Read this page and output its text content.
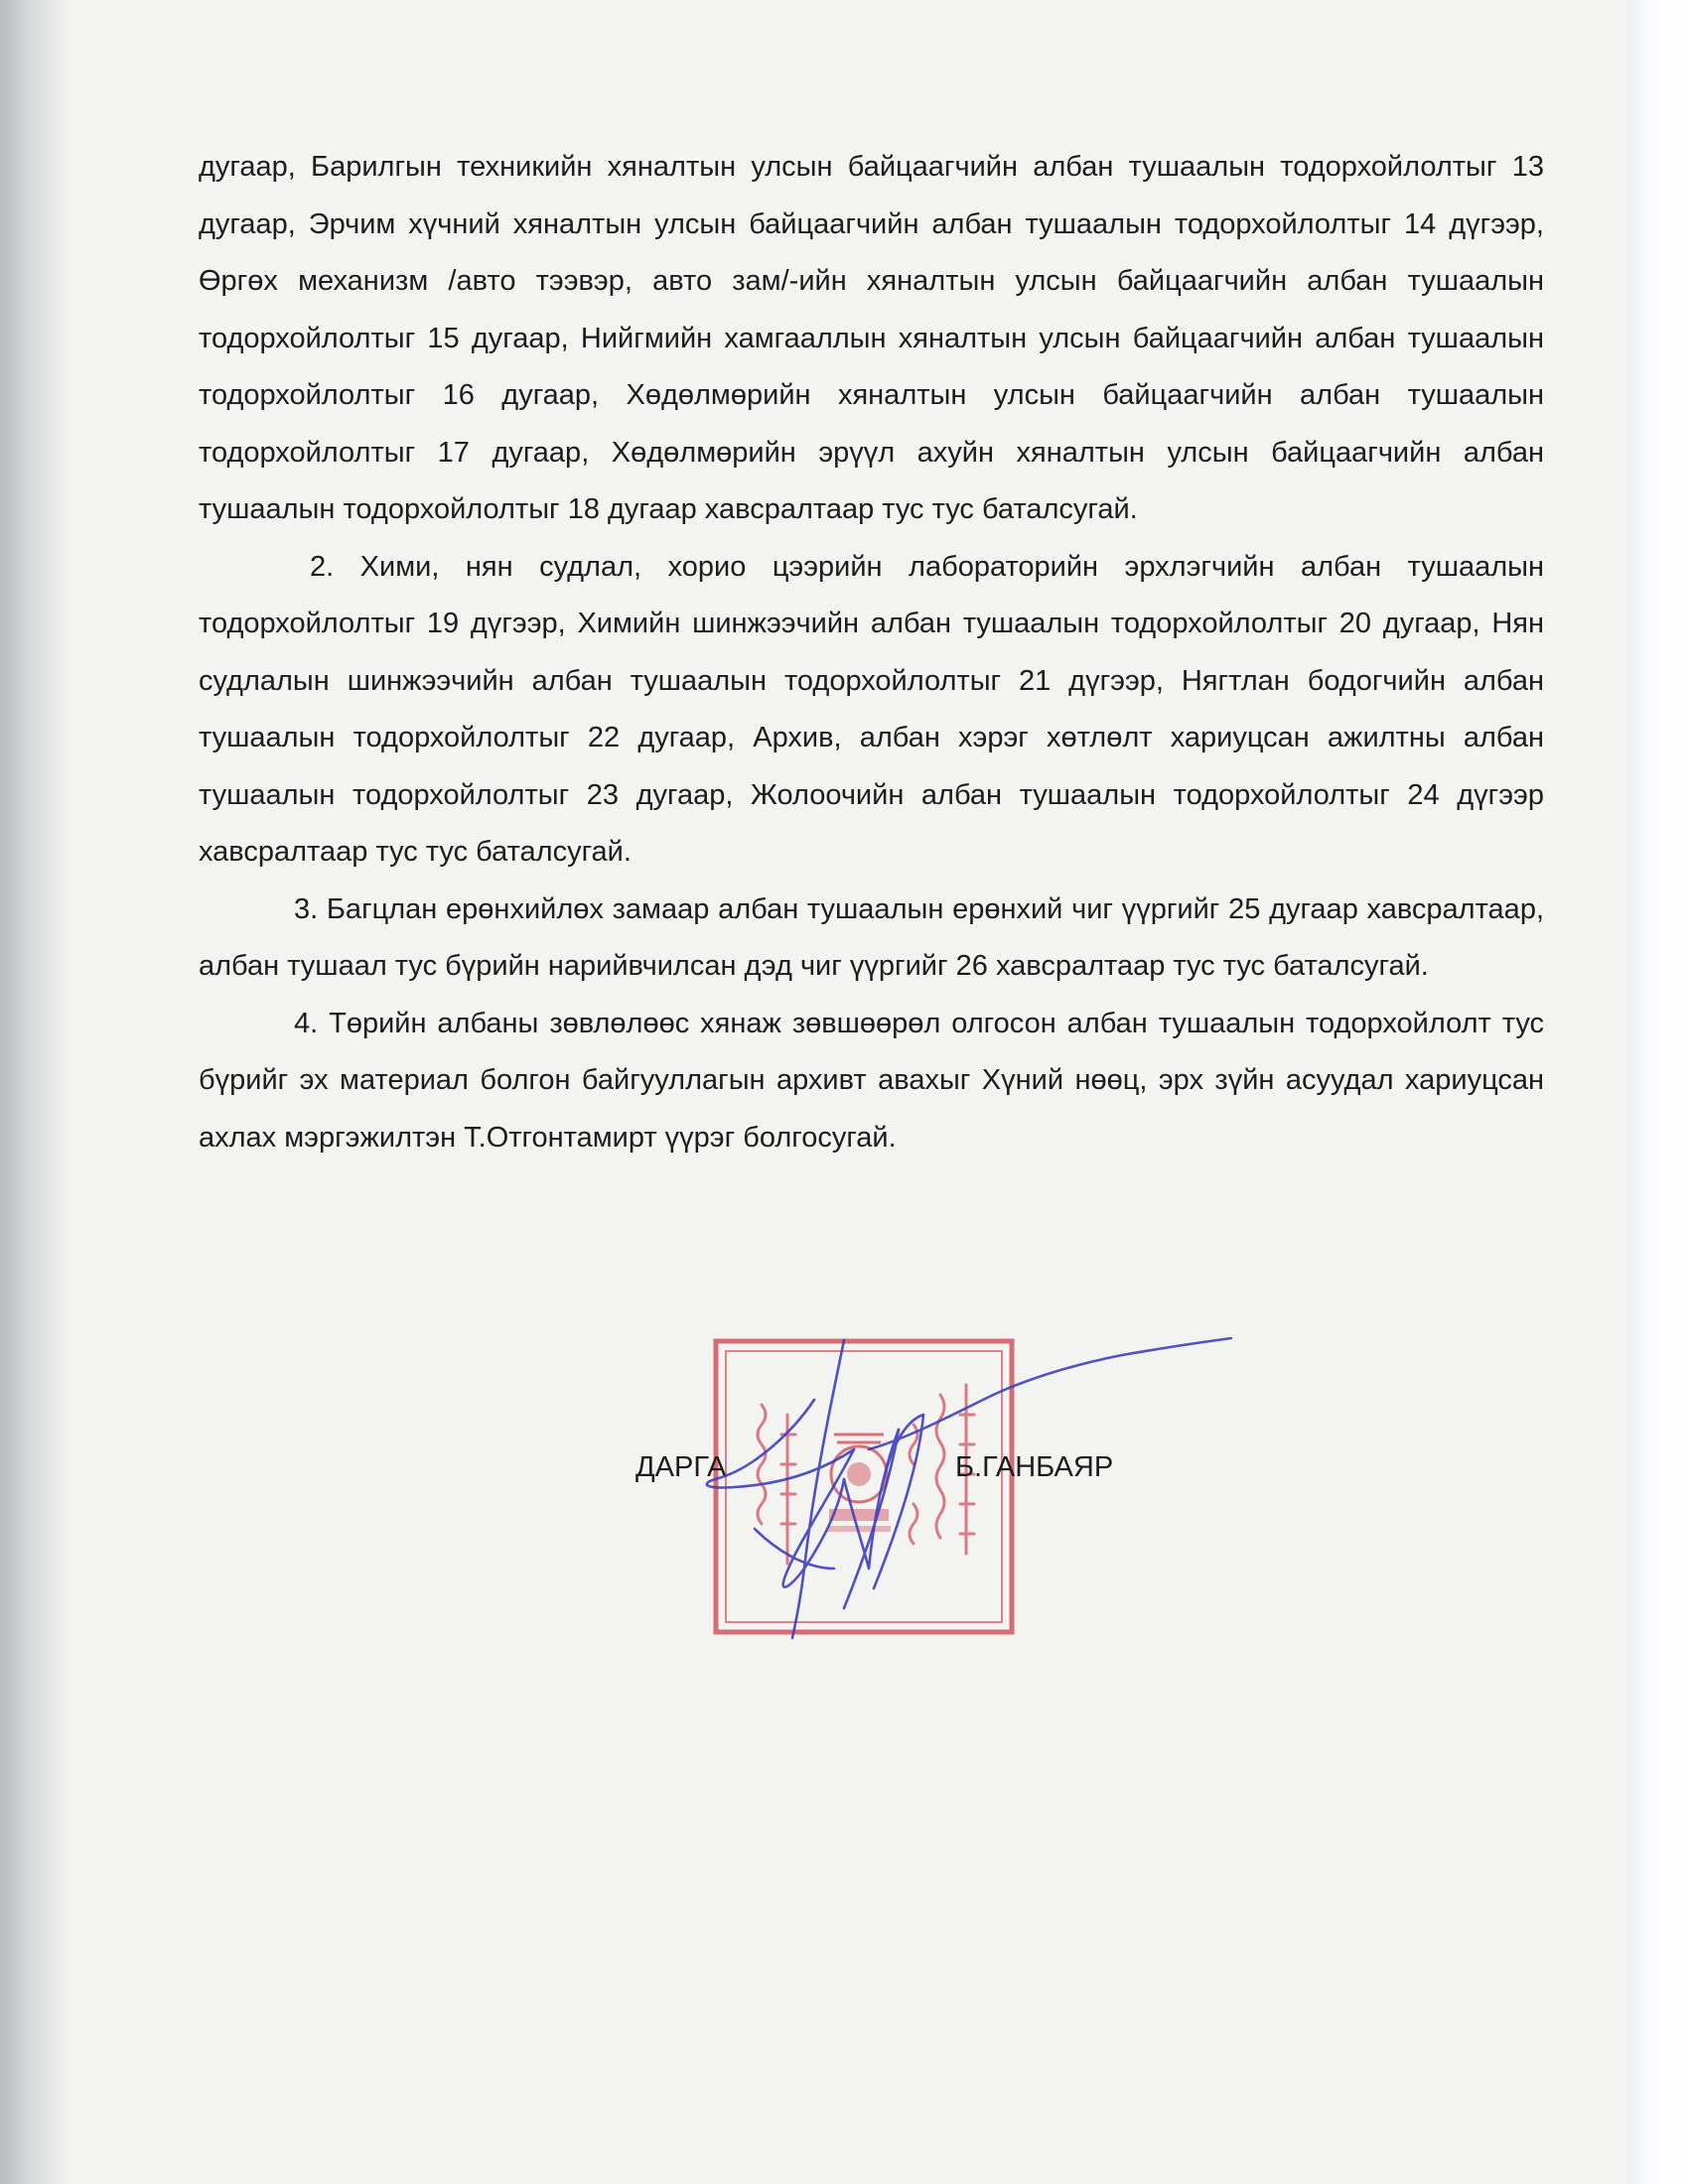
дугаар, Барилгын техникийн хяналтын улсын байцаагчийн албан тушаалын тодорхойлолтыг 13 дугаар, Эрчим хүчний хяналтын улсын байцаагчийн албан тушаалын тодорхойлолтыг 14 дүгээр, Өргөх механизм /авто тээвэр, авто зам/-ийн хяналтын улсын байцаагчийн албан тушаалын тодорхойлолтыг 15 дугаар, Нийгмийн хамгааллын хяналтын улсын байцаагчийн албан тушаалын тодорхойлолтыг 16 дугаар, Хөдөлмөрийн хяналтын улсын байцаагчийн албан тушаалын тодорхойлолтыг 17 дугаар, Хөдөлмөрийн эрүүл ахуйн хяналтын улсын байцаагчийн албан тушаалын тодорхойлолтыг 18 дугаар хавсралтаар тус тус баталсугай.

2. Хими, нян судлал, хорио цээрийн лабораторийн эрхлэгчийн албан тушаалын тодорхойлолтыг 19 дүгээр, Химийн шинжээчийн албан тушаалын тодорхойлолтыг 20 дугаар, Нян судлалын шинжээчийн албан тушаалын тодорхойлолтыг 21 дүгээр, Нягтлан бодогчийн албан тушаалын тодорхойлолтыг 22 дугаар, Архив, албан хэрэг хөтлөлт хариуцсан ажилтны албан тушаалын тодорхойлолтыг 23 дугаар, Жолоочийн албан тушаалын тодорхойлолтыг 24 дүгээр хавсралтаар тус тус баталсугай.

3. Багцлан ерөнхийлөх замаар албан тушаалын ерөнхий чиг үүргийг 25 дугаар хавсралтаар, албан тушаал тус бүрийн нарийвчилсан дэд чиг үүргийг 26 хавсралтаар тус тус баталсугай.

4. Төрийн албаны зөвлөлөөс хянаж зөвшөөрөл олгосон албан тушаалын тодорхойлолт тус бүрийг эх материал болгон байгууллагын архивт авахыг Хүний нөөц, эрх зүйн асуудал хариуцсан ахлах мэргэжилтэн Т.Отгонтамирт үүрэг болгосугай.

ДАРГА	Б.ГАНБАЯР
